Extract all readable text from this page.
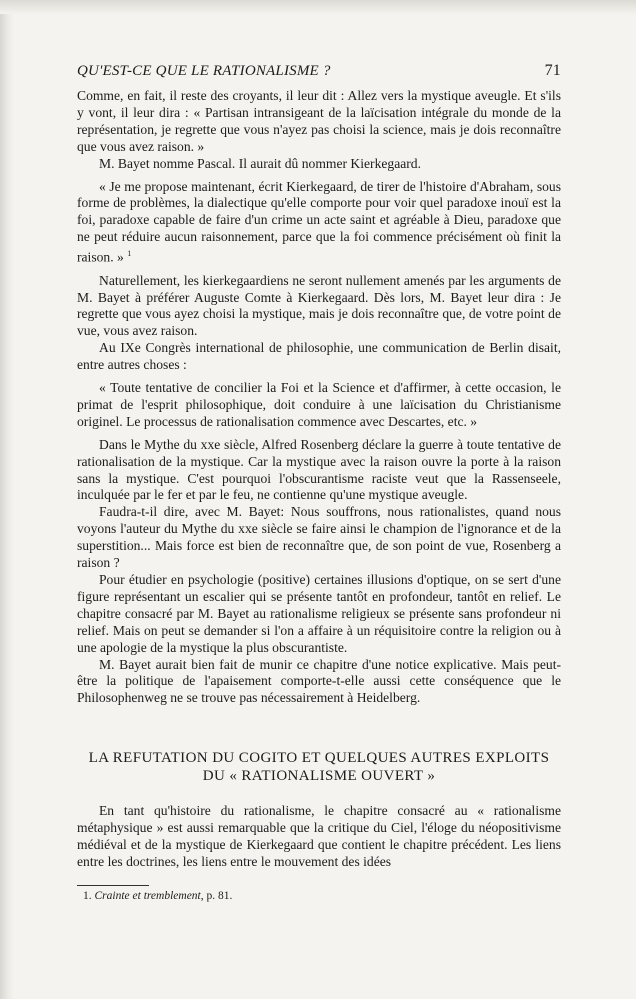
QU'EST-CE QUE LE RATIONALISME ?	71

Comme, en fait, il reste des croyants, il leur dit : Allez vers la mystique aveugle. Et s'ils y vont, il leur dira : « Partisan intransigeant de la laïcisation intégrale du monde de la représentation, je regrette que vous n'ayez pas choisi la science, mais je dois reconnaître que vous avez raison. »

M. Bayet nomme Pascal. Il aurait dû nommer Kierkegaard.

« Je me propose maintenant, écrit Kierkegaard, de tirer de l'histoire d'Abraham, sous forme de problèmes, la dialectique qu'elle comporte pour voir quel paradoxe inouï est la foi, paradoxe capable de faire d'un crime un acte saint et agréable à Dieu, paradoxe que ne peut réduire aucun raisonnement, parce que la foi commence précisément où finit la raison. » $^1$

Naturellement, les kierkegaardiens ne seront nullement amenés par les arguments de M. Bayet à préférer Auguste Comte à Kierkegaard. Dès lors, M. Bayet leur dira : Je regrette que vous ayez choisi la mystique, mais je dois reconnaître que, de votre point de vue, vous avez raison.

Au IXe Congrès international de philosophie, une communication de Berlin disait, entre autres choses :

« Toute tentative de concilier la Foi et la Science et d'affirmer, à cette occasion, le primat de l'esprit philosophique, doit conduire à une laïcisation du Christianisme originel. Le processus de rationalisation commence avec Descartes, etc. »

Dans le Mythe du xxe siècle, Alfred Rosenberg déclare la guerre à toute tentative de rationalisation de la mystique. Car la mystique avec la raison ouvre la porte à la raison sans la mystique. C'est pourquoi l'obscurantisme raciste veut que la Rassenseele, inculquée par le fer et par le feu, ne contienne qu'une mystique aveugle.

Faudra-t-il dire, avec M. Bayet: Nous souffrons, nous rationalistes, quand nous voyons l'auteur du Mythe du xxe siècle se faire ainsi le champion de l'ignorance et de la superstition... Mais force est bien de reconnaître que, de son point de vue, Rosenberg a raison ?

Pour étudier en psychologie (positive) certaines illusions d'optique, on se sert d'une figure représentant un escalier qui se présente tantôt en profondeur, tantôt en relief. Le chapitre consacré par M. Bayet au rationalisme religieux se présente sans profondeur ni relief. Mais on peut se demander si l'on a affaire à un réquisitoire contre la religion ou à une apologie de la mystique la plus obscurantiste.

M. Bayet aurait bien fait de munir ce chapitre d'une notice explicative. Mais peut-être la politique de l'apaisement comporte-t-elle aussi cette conséquence que le Philosophenweg ne se trouve pas nécessairement à Heidelberg.

LA REFUTATION DU COGITO ET QUELQUES AUTRES EXPLOITS
DU « RATIONALISME OUVERT »

En tant qu'histoire du rationalisme, le chapitre consacré au « rationalisme métaphysique » est aussi remarquable que la critique du Ciel, l'éloge du néopositivisme médiéval et de la mystique de Kierkegaard que contient le chapitre précédent. Les liens entre les doctrines, les liens entre le mouvement des idées

1. Crainte et tremblement, p. 81.
